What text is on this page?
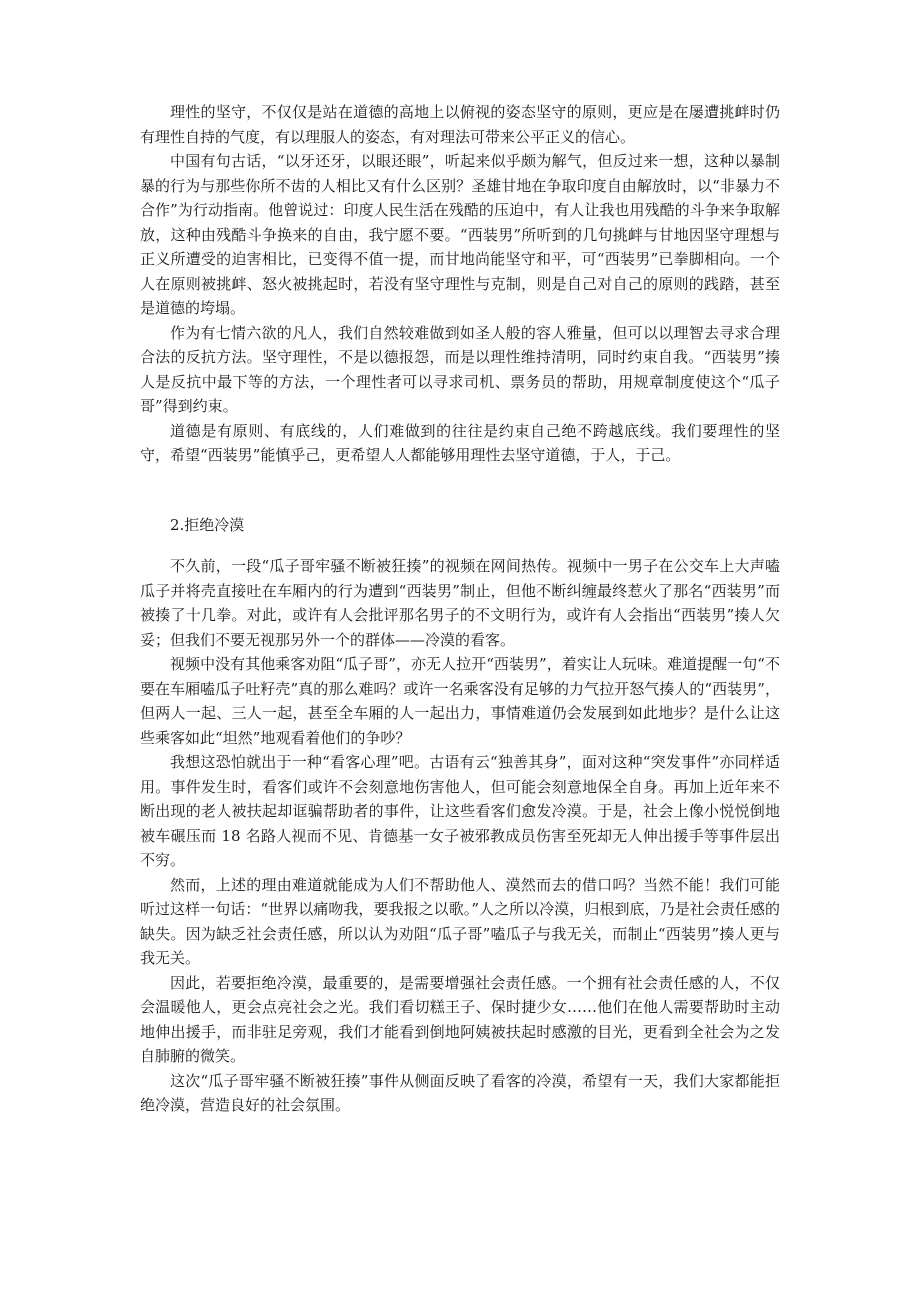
理性的坚守，不仅仅是站在道德的高地上以俯视的姿态坚守的原则，更应是在屡遭挑衅时仍有理性自持的气度，有以理服人的姿态，有对理法可带来公平正义的信心。

中国有句古话，“以牙还牙，以眼还眼”，听起来似乎颇为解气，但反过来一想，这种以暴制暴的行为与那些你所不齿的人相比又有什么区别？圣雄甘地在争取印度自由解放时，以“非暴力不合作”为行动指南。他曾说过：印度人民生活在残酷的压迫中，有人让我也用残酷的斗争来争取解放，这种由残酷斗争换来的自由，我宁愿不要。“西装男”所听到的几句挑衅与甘地因坚守理想与正义所遭受的迫害相比，已变得不值一提，而甘地尚能坚守和平，可“西装男”已拳脚相向。一个人在原则被挑衅、怒火被挑起时，若没有坚守理性与克制，则是自己对自己的原则的践踏，甚至是道德的垮塌。

作为有七情六欲的凡人，我们自然较难做到如圣人般的容人雅量，但可以以理智去寻求合理合法的反抗方法。坚守理性，不是以德报怨，而是以理性维持清明，同时约束自我。“西装男”揍人是反抗中最下等的方法，一个理性者可以寻求司机、票务员的帮助，用规章制度使这个“瓜子哥”得到约束。

道德是有原则、有底线的，人们难做到的往往是约束自己绝不跨越底线。我们要理性的坚守，希望“西装男”能慎乎己，更希望人人都能够用理性去坚守道德，于人，于己。

2.拒绝冷漠

不久前，一段“瓜子哥牢骚不断被狂揍”的视频在网间热传。视频中一男子在公交车上大声嗑瓜子并将壳直接吐在车厢内的行为遭到“西装男”制止，但他不断纠缠最终惹火了那名“西装男”而被揍了十几拳。对此，或许有人会批评那名男子的不文明行为，或许有人会指出“西装男”揍人欠妥；但我们不要无视那另外一个的群体——冷漠的看客。

视频中没有其他乘客劝阻“瓜子哥”，亦无人拉开“西装男”，着实让人玩味。难道提醒一句“不要在车厢嗑瓜子吐籽壳”真的那么难吗？或许一名乘客没有足够的力气拉开怒气揍人的“西装男”，但两人一起、三人一起，甚至全车厢的人一起出力，事情难道仍会发展到如此地步？是什么让这些乘客如此“坦然”地观看着他们的争吵？

我想这恐怕就出于一种“看客心理”吧。古语有云“独善其身”，面对这种“突发事件”亦同样适用。事件发生时，看客们或许不会刻意地伤害他人，但可能会刻意地保全自身。再加上近年来不断出现的老人被扶起却诓骗帮助者的事件，让这些看客们愈发冷漠。于是，社会上像小悦悦倒地被车碾压而 18 名路人视而不见、肯德基一女子被邪教成员伤害至死却无人伸出援手等事件层出不穷。

然而，上述的理由难道就能成为人们不帮助他人、漠然而去的借口吗？当然不能！我们可能听过这样一句话：“世界以痛吻我，要我报之以歌。”人之所以冷漠，归根到底，乃是社会责任感的缺失。因为缺乏社会责任感，所以认为劝阻“瓜子哥”嗑瓜子与我无关，而制止“西装男”揍人更与我无关。

因此，若要拒绝冷漠，最重要的，是需要增强社会责任感。一个拥有社会责任感的人，不仅会温暖他人，更会点亮社会之光。我们看切糕王子、保时捷少女……他们在他人需要帮助时主动地伸出援手，而非驻足旁观，我们才能看到倒地阿姨被扶起时感激的目光，更看到全社会为之发自肺腑的微笑。

这次“瓜子哥牢骚不断被狂揍”事件从侧面反映了看客的冷漠，希望有一天，我们大家都能拒绝冷漠，营造良好的社会氛围。
